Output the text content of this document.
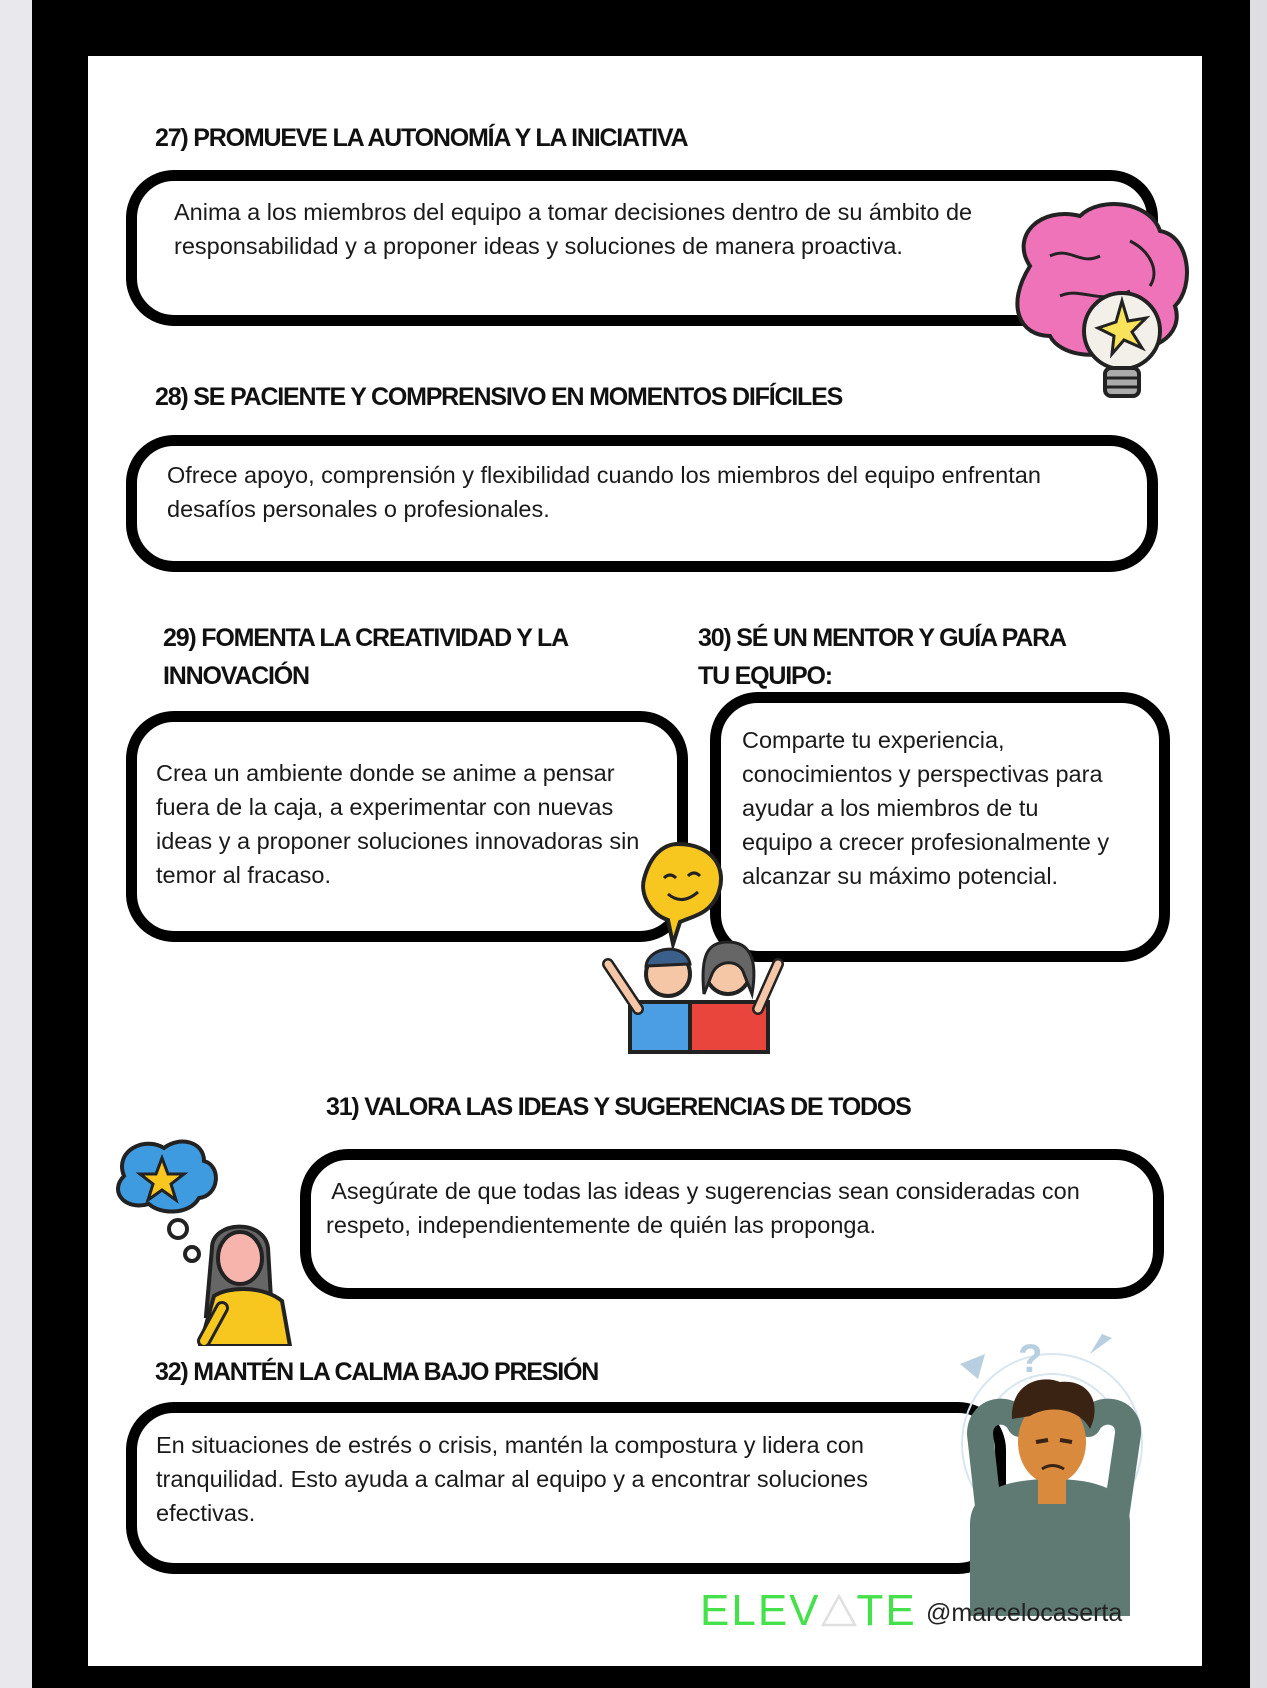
27) PROMUEVE LA AUTONOMÍA Y LA INICIATIVA

Anima a los miembros del equipo a tomar decisiones dentro de su ámbito de
responsabilidad y a proponer ideas y soluciones de manera proactiva.

28) SE PACIENTE Y COMPRENSIVO EN MOMENTOS DIFÍCILES

Ofrece apoyo, comprensión y flexibilidad cuando los miembros del equipo enfrentan
desafíos personales o profesionales.

29) FOMENTA LA CREATIVIDAD Y LA
INNOVACIÓN

Crea un ambiente donde se anime a pensar
fuera de la caja, a experimentar con nuevas
ideas y a proponer soluciones innovadoras sin
temor al fracaso.

30) SÉ UN MENTOR Y GUÍA PARA
TU EQUIPO:

Comparte tu experiencia,
conocimientos y perspectivas para
ayudar a los miembros de tu
equipo a crecer profesionalmente y
alcanzar su máximo potencial.

31) VALORA LAS IDEAS Y SUGERENCIAS DE TODOS

Asegúrate de que todas las ideas y sugerencias sean consideradas con
respeto, independientemente de quién las proponga.

32) MANTÉN LA CALMA BAJO PRESIÓN

En situaciones de estrés o crisis, mantén la compostura y lidera con
tranquilidad. Esto ayuda a calmar al equipo y a encontrar soluciones
efectivas.

?
ELEV TE @marcelocaserta
